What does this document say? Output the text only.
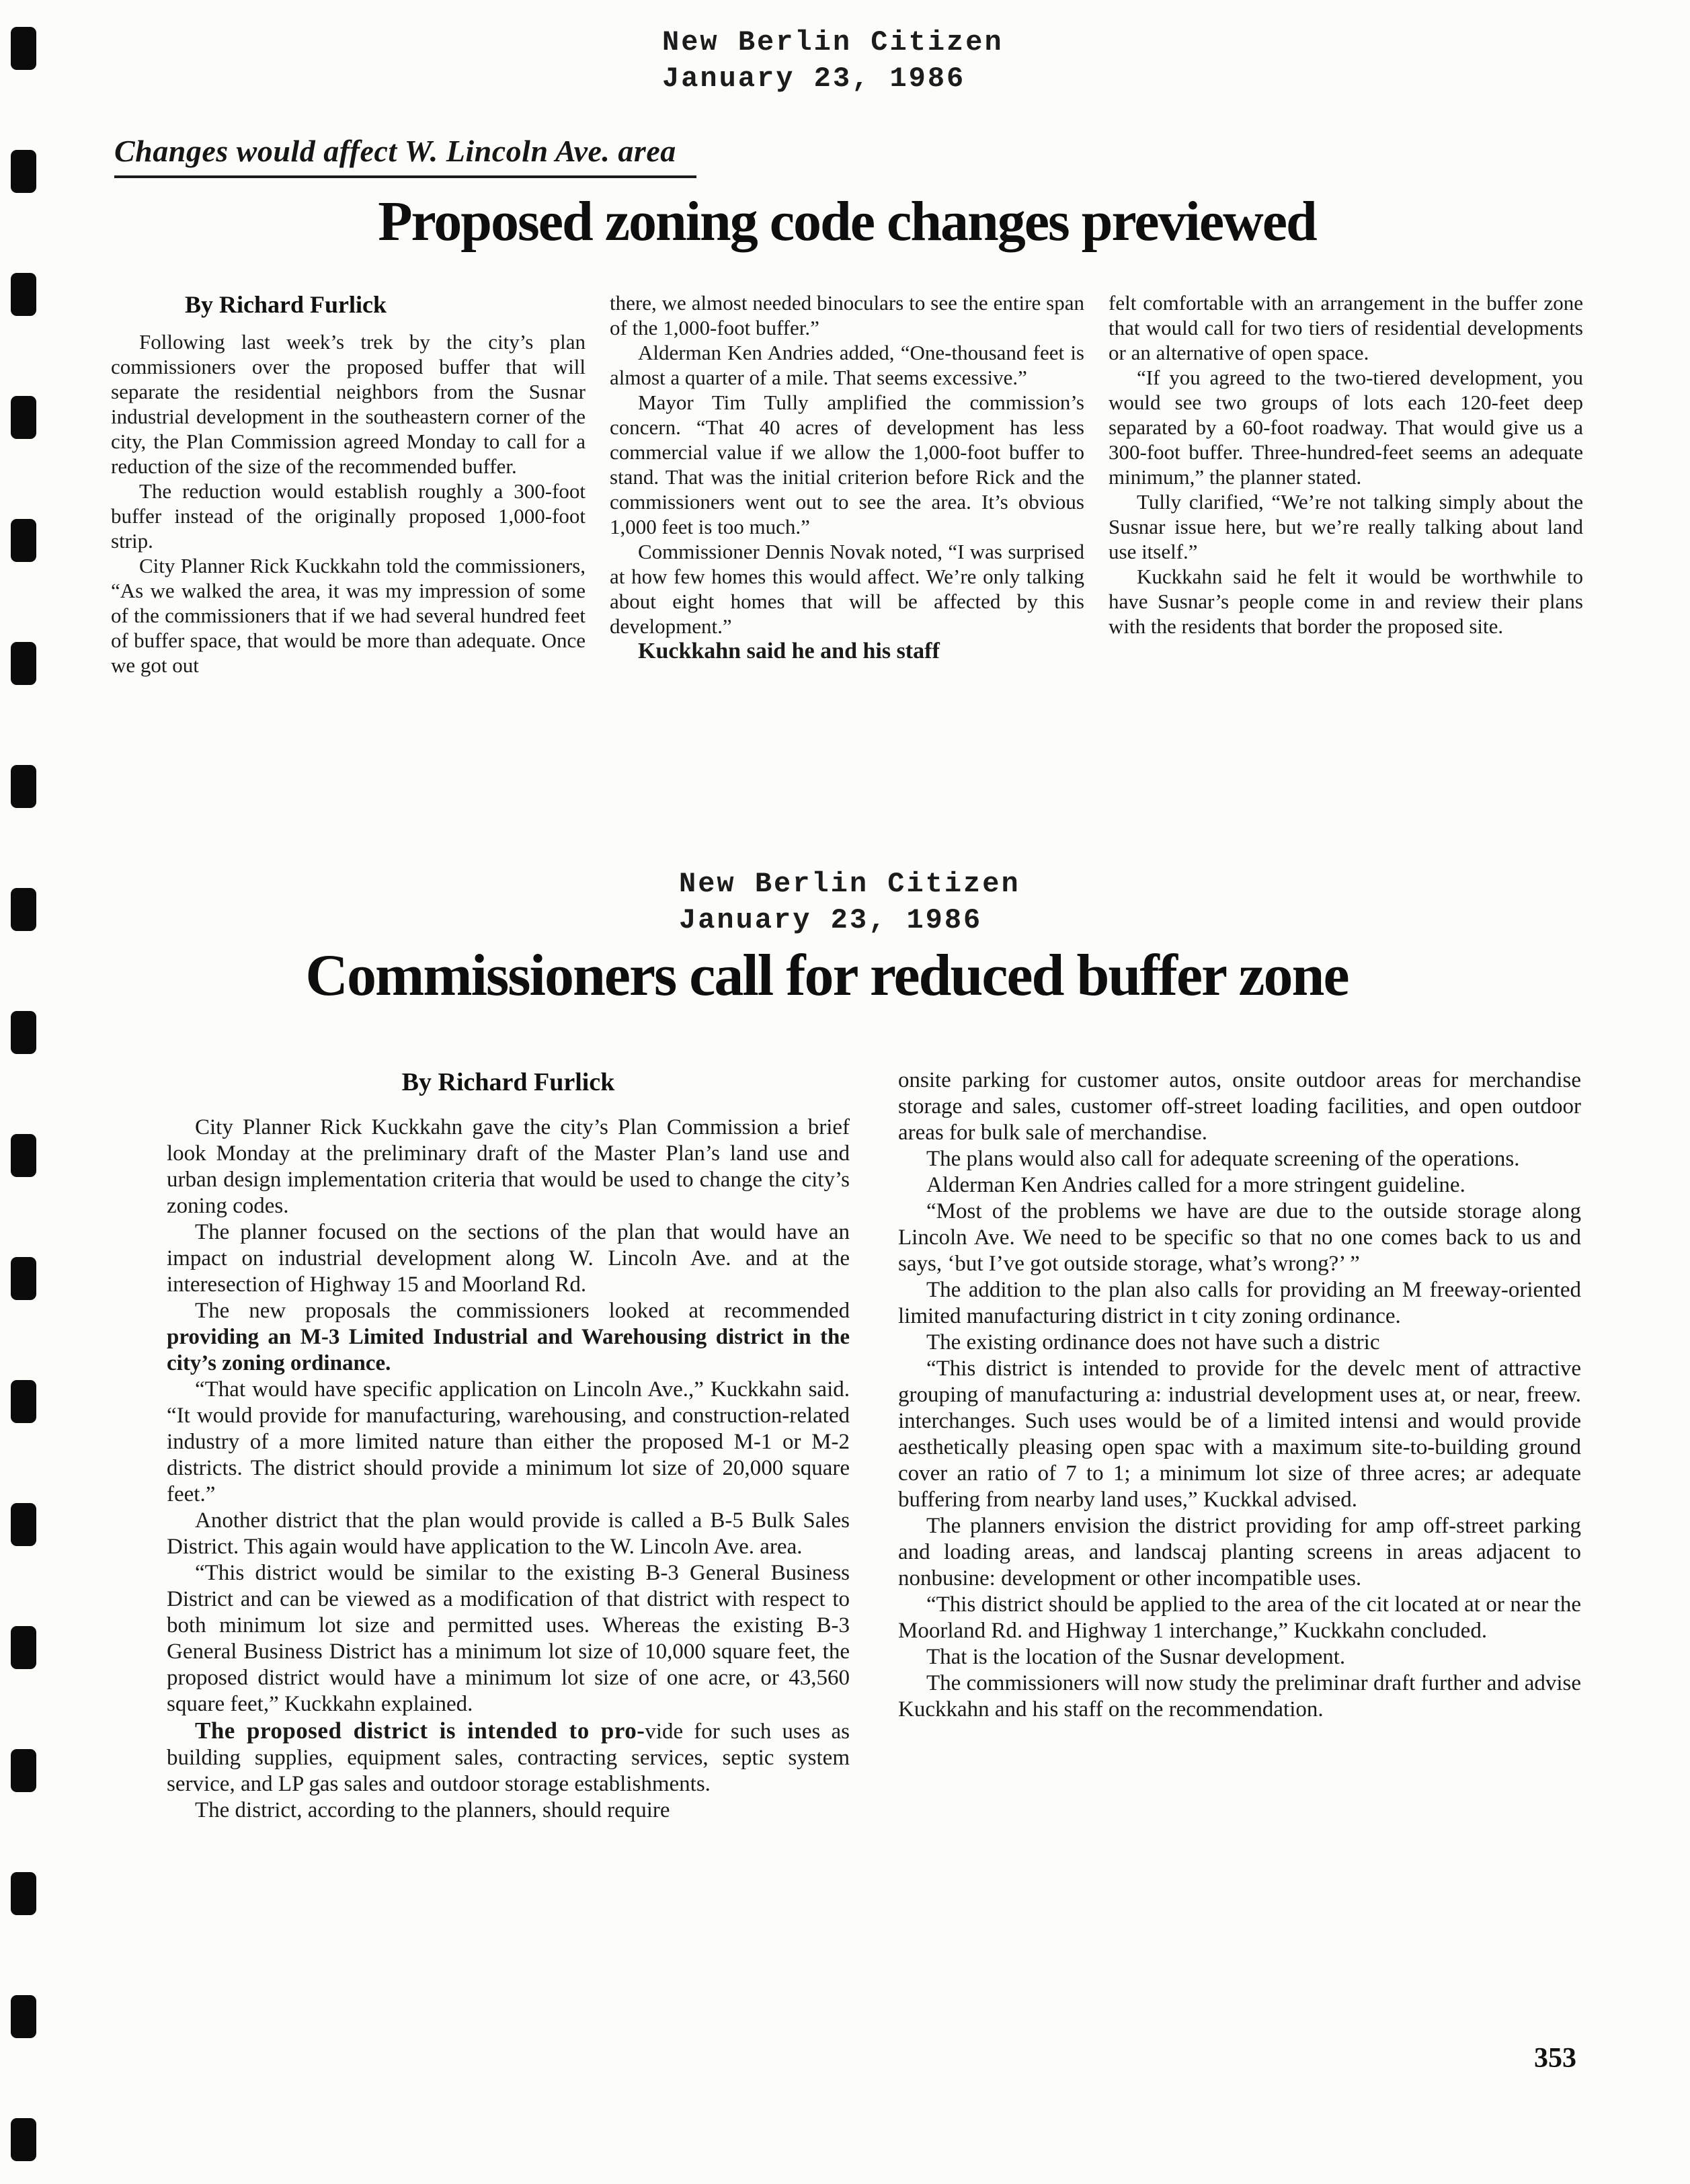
New Berlin Citizen
January 23, 1986
Changes would affect W. Lincoln Ave. area
Proposed zoning code changes previewed
By Richard Furlick

Following last week’s trek by the city’s plan commissioners over the proposed buffer that will separate the residential neighbors from the Susnar industrial development in the southeastern corner of the city, the Plan Commission agreed Monday to call for a reduction of the size of the recommended buffer.

The reduction would establish roughly a 300-foot buffer instead of the originally proposed 1,000-foot strip.

City Planner Rick Kuckkahn told the commissioners, “As we walked the area, it was my impression of some of the commissioners that if we had several hundred feet of buffer space, that would be more than adequate. Once we got out

there, we almost needed binoculars to see the entire span of the 1,000-foot buffer.”

Alderman Ken Andries added, “One-thousand feet is almost a quarter of a mile. That seems excessive.”

Mayor Tim Tully amplified the commission’s concern. “That 40 acres of development has less commercial value if we allow the 1,000-foot buffer to stand. That was the initial criterion before Rick and the commissioners went out to see the area. It’s obvious 1,000 feet is too much.”

Commissioner Dennis Novak noted, “I was surprised at how few homes this would affect. We’re only talking about eight homes that will be affected by this development.”

Kuckkahn said he and his staff

felt comfortable with an arrangement in the buffer zone that would call for two tiers of residential developments or an alternative of open space.

“If you agreed to the two-tiered development, you would see two groups of lots each 120-feet deep separated by a 60-foot roadway. That would give us a 300-foot buffer. Three-hundred-feet seems an adequate minimum,” the planner stated.

Tully clarified, “We’re not talking simply about the Susnar issue here, but we’re really talking about land use itself.”

Kuckkahn said he felt it would be worthwhile to have Susnar’s people come in and review their plans with the residents that border the proposed site.

New Berlin Citizen
January 23, 1986
Commissioners call for reduced buffer zone
By Richard Furlick

City Planner Rick Kuckkahn gave the city’s Plan Commission a brief look Monday at the preliminary draft of the Master Plan’s land use and urban design implementation criteria that would be used to change the city’s zoning codes.

The planner focused on the sections of the plan that would have an impact on industrial development along W. Lincoln Ave. and at the interesection of Highway 15 and Moorland Rd.

The new proposals the commissioners looked at recommended providing an M-3 Limited Industrial and Warehousing district in the city’s zoning ordinance.

“That would have specific application on Lincoln Ave.,” Kuckkahn said. “It would provide for manufacturing, warehousing, and construction-related industry of a more limited nature than either the proposed M-1 or M-2 districts. The district should provide a minimum lot size of 20,000 square feet.”

Another district that the plan would provide is called a B-5 Bulk Sales District. This again would have application to the W. Lincoln Ave. area.

“This district would be similar to the existing B-3 General Business District and can be viewed as a modification of that district with respect to both minimum lot size and permitted uses. Whereas the existing B-3 General Business District has a minimum lot size of 10,000 square feet, the proposed district would have a minimum lot size of one acre, or 43,560 square feet,” Kuckkahn explained.

The proposed district is intended to pro-vide for such uses as building supplies, equipment sales, contracting services, septic system service, and LP gas sales and outdoor storage establishments.

The district, according to the planners, should require

onsite parking for customer autos, onsite outdoor areas for merchandise storage and sales, customer off-street loading facilities, and open outdoor areas for bulk sale of merchandise.

The plans would also call for adequate screening of the operations.

Alderman Ken Andries called for a more stringent guideline.

“Most of the problems we have are due to the outside storage along Lincoln Ave. We need to be specific so that no one comes back to us and says, ‘but I’ve got outside storage, what’s wrong?’ ”

The addition to the plan also calls for providing an M freeway-oriented limited manufacturing district in t city zoning ordinance.

The existing ordinance does not have such a distric

“This district is intended to provide for the develc ment of attractive grouping of manufacturing a: industrial development uses at, or near, freew. interchanges. Such uses would be of a limited intensi and would provide aesthetically pleasing open spac with a maximum site-to-building ground cover an ratio of 7 to 1; a minimum lot size of three acres; ar adequate buffering from nearby land uses,” Kuckkal advised.

The planners envision the district providing for amp off-street parking and loading areas, and landscaj planting screens in areas adjacent to nonbusine: development or other incompatible uses.

“This district should be applied to the area of the cit located at or near the Moorland Rd. and Highway 1 interchange,” Kuckkahn concluded.

That is the location of the Susnar development.

The commissioners will now study the preliminar draft further and advise Kuckkahn and his staff on the recommendation.

353
